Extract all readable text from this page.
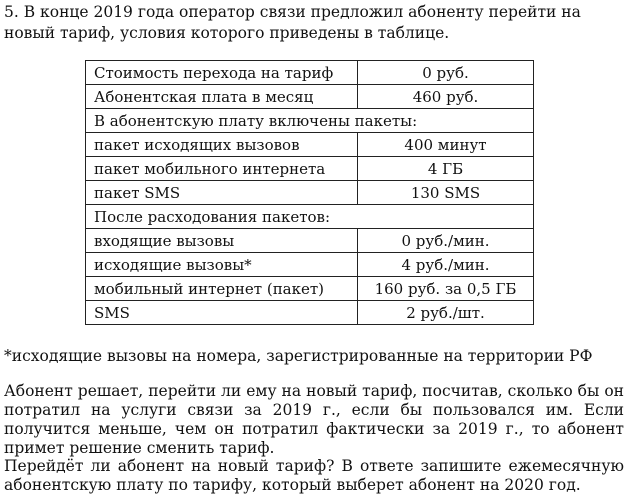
5. В конце 2019 года оператор связи предложил абоненту перейти на новый тариф, условия которого приведены в таблице.

Стоимость перехода на тариф	0 руб.
Абонентская плата в месяц	460 руб.
В абонентскую плату включены пакеты:	
пакет исходящих вызовов	400 минут
пакет мобильного интернета	4 ГБ
пакет SMS	130 SMS
После расходования пакетов:	
входящие вызовы	0 руб./мин.
исходящие вызовы*	4 руб./мин.
мобильный интернет (пакет)	160 руб. за 0,5 ГБ
SMS	2 руб./шт.

*исходящие вызовы на номера, зарегистрированные на территории РФ

Абонент решает, перейти ли ему на новый тариф, посчитав, сколько бы он потратил на услуги связи за 2019 г., если бы пользовался им. Если получится меньше, чем он потратил фактически за 2019 г., то абонент примет решение сменить тариф.

Перейдёт ли абонент на новый тариф? В ответе запишите ежемесячную абонентскую плату по тарифу, который выберет абонент на 2020 год.
